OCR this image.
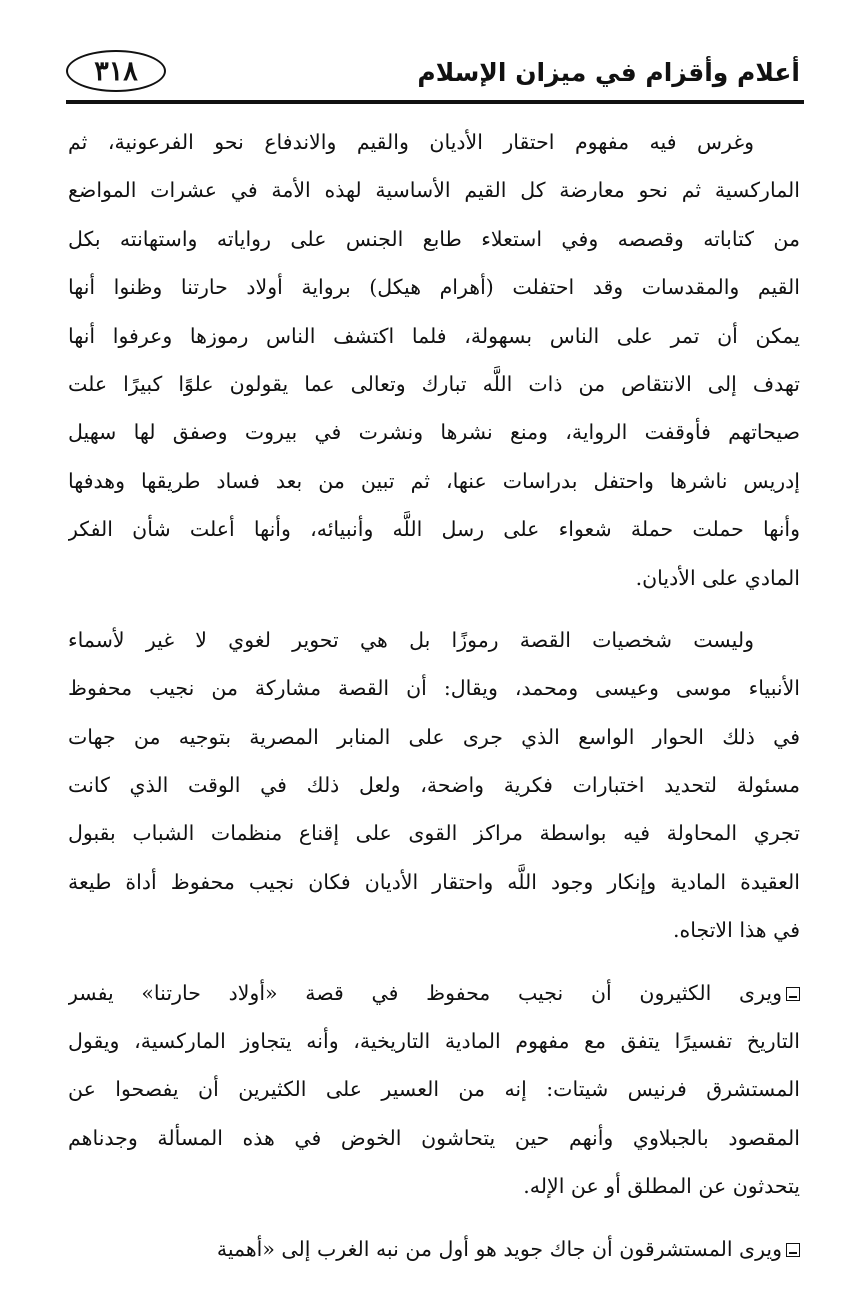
أعلام وأقزام في ميزان الإسلام
٣١٨
وغرس فيه مفهوم احتقار الأديان والقيم والاندفاع نحو الفرعونية، ثم
الماركسية ثم نحو معارضة كل القيم الأساسية لهذه الأمة في عشرات المواضع
من كتاباته وقصصه وفي استعلاء طابع الجنس على رواياته واستهانته بكل
القيم والمقدسات وقد احتفلت (أهرام هيكل) برواية أولاد حارتنا وظنوا أنها
يمكن أن تمر على الناس بسهولة، فلما اكتشف الناس رموزها وعرفوا أنها
تهدف إلى الانتقاص من ذات اللَّه تبارك وتعالى عما يقولون علوًا كبيرًا علت
صيحاتهم فأوقفت الرواية، ومنع نشرها ونشرت في بيروت وصفق لها سهيل
إدريس ناشرها واحتفل بدراسات عنها، ثم تبين من بعد فساد طريقها وهدفها
وأنها حملت حملة شعواء على رسل اللَّه وأنبيائه، وأنها أعلت شأن الفكر
المادي على الأديان.
وليست شخصيات القصة رموزًا بل هي تحوير لغوي لا غير لأسماء
الأنبياء موسى وعيسى ومحمد، ويقال: أن القصة مشاركة من نجيب محفوظ
في ذلك الحوار الواسع الذي جرى على المنابر المصرية بتوجيه من جهات
مسئولة لتحديد اختبارات فكرية واضحة، ولعل ذلك في الوقت الذي كانت
تجري المحاولة فيه بواسطة مراكز القوى على إقناع منظمات الشباب بقبول
العقيدة المادية وإنكار وجود اللَّه واحتقار الأديان فكان نجيب محفوظ أداة طيعة
في هذا الاتجاه.
ويرى الكثيرون أن نجيب محفوظ في قصة «أولاد حارتنا» يفسر
التاريخ تفسيرًا يتفق مع مفهوم المادية التاريخية، وأنه يتجاوز الماركسية، ويقول
المستشرق فرنيس شيتات: إنه من العسير على الكثيرين أن يفصحوا عن
المقصود بالجبلاوي وأنهم حين يتحاشون الخوض في هذه المسألة وجدناهم
يتحدثون عن المطلق أو عن الإله.
ويرى المستشرقون أن جاك جويد هو أول من نبه الغرب إلى «أهمية
